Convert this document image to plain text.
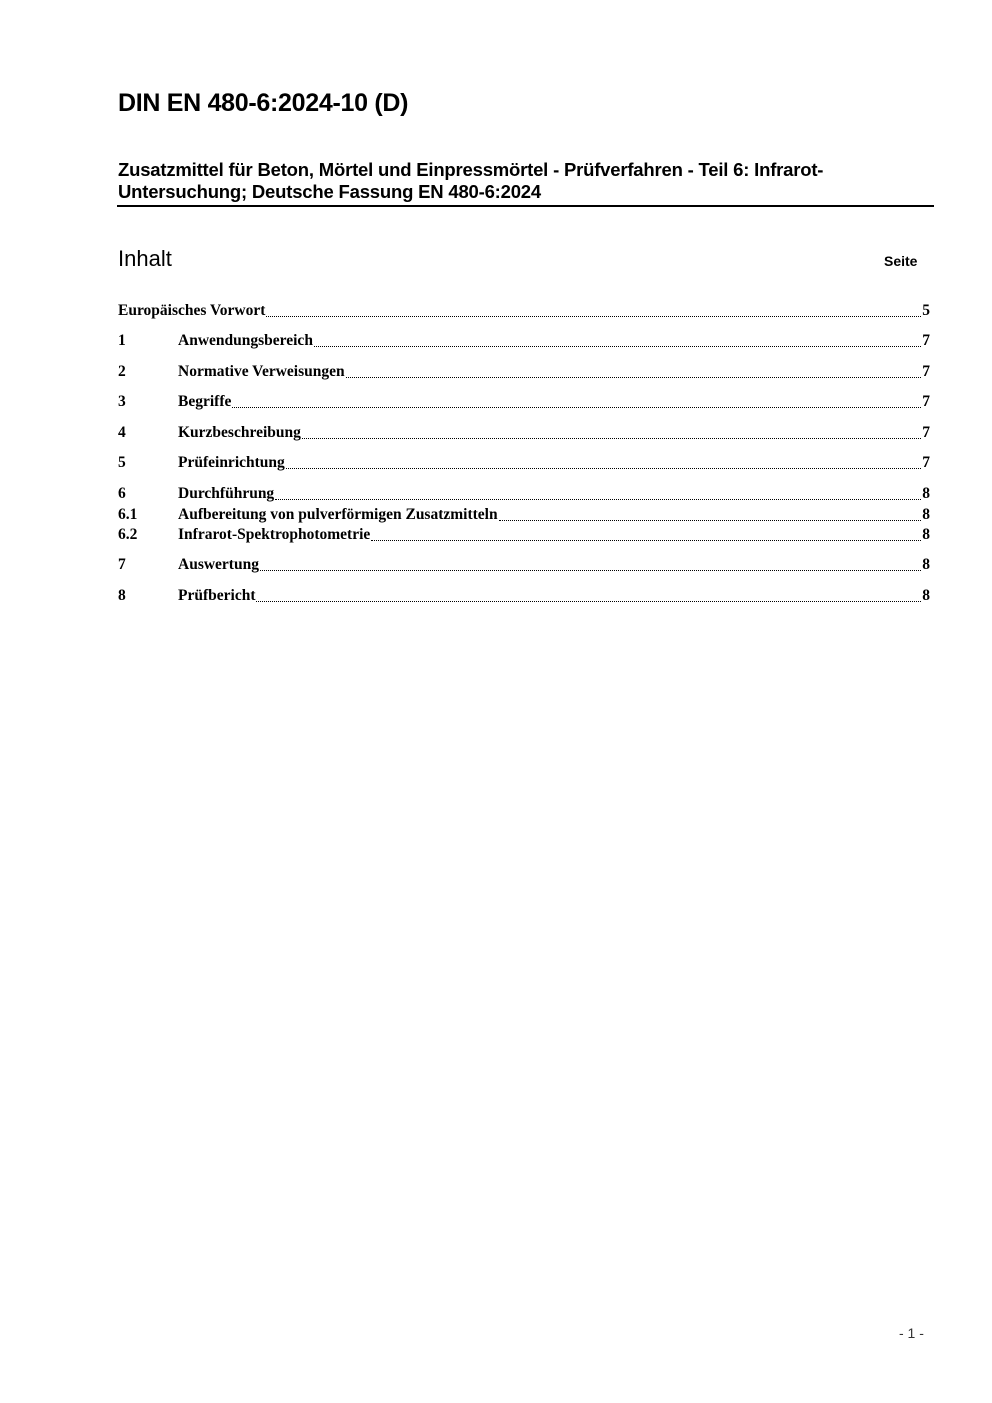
DIN EN 480-6:2024-10 (D)
Zusatzmittel für Beton, Mörtel und Einpressmörtel - Prüfverfahren - Teil 6: Infrarot-Untersuchung; Deutsche Fassung EN 480-6:2024
Inhalt	Seite
Europäisches Vorwort	5
1	Anwendungsbereich	7
2	Normative Verweisungen	7
3	Begriffe	7
4	Kurzbeschreibung	7
5	Prüfeinrichtung	7
6	Durchführung	8
6.1	Aufbereitung von pulverförmigen Zusatzmitteln	8
6.2	Infrarot-Spektrophotometrie	8
7	Auswertung	8
8	Prüfbericht	8
- 1 -
